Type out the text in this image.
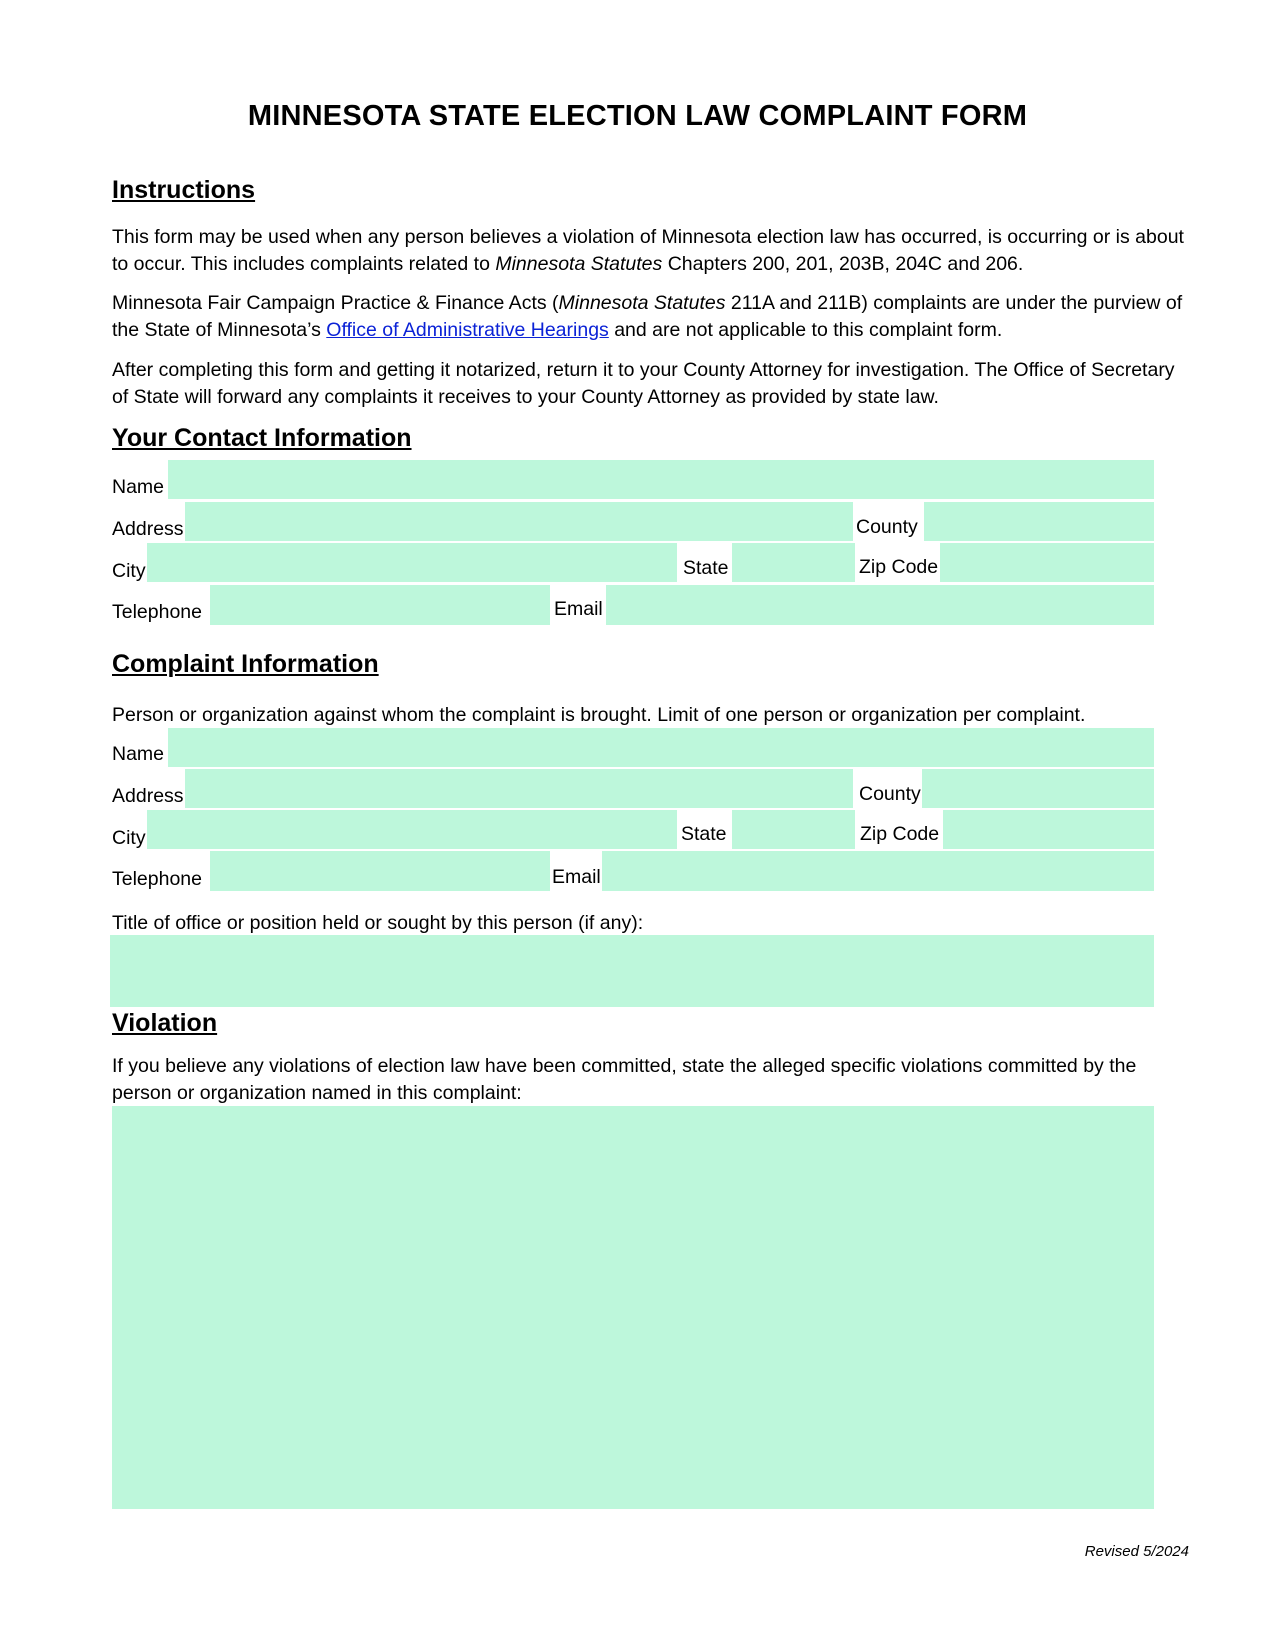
MINNESOTA STATE ELECTION LAW COMPLAINT FORM
Instructions
This form may be used when any person believes a violation of Minnesota election law has occurred, is occurring or is about to occur. This includes complaints related to Minnesota Statutes Chapters 200, 201, 203B, 204C and 206.
Minnesota Fair Campaign Practice & Finance Acts (Minnesota Statutes 211A and 211B) complaints are under the purview of the State of Minnesota’s Office of Administrative Hearings and are not applicable to this complaint form.
After completing this form and getting it notarized, return it to your County Attorney for investigation. The Office of Secretary of State will forward any complaints it receives to your County Attorney as provided by state law.
Your Contact Information
Name
Address	County
City	State	Zip Code
Telephone	Email
Complaint Information
Person or organization against whom the complaint is brought. Limit of one person or organization per complaint.
Name
Address	County
City	State	Zip Code
Telephone	Email
Title of office or position held or sought by this person (if any):
Violation
If you believe any violations of election law have been committed, state the alleged specific violations committed by the person or organization named in this complaint:
Revised 5/2024
